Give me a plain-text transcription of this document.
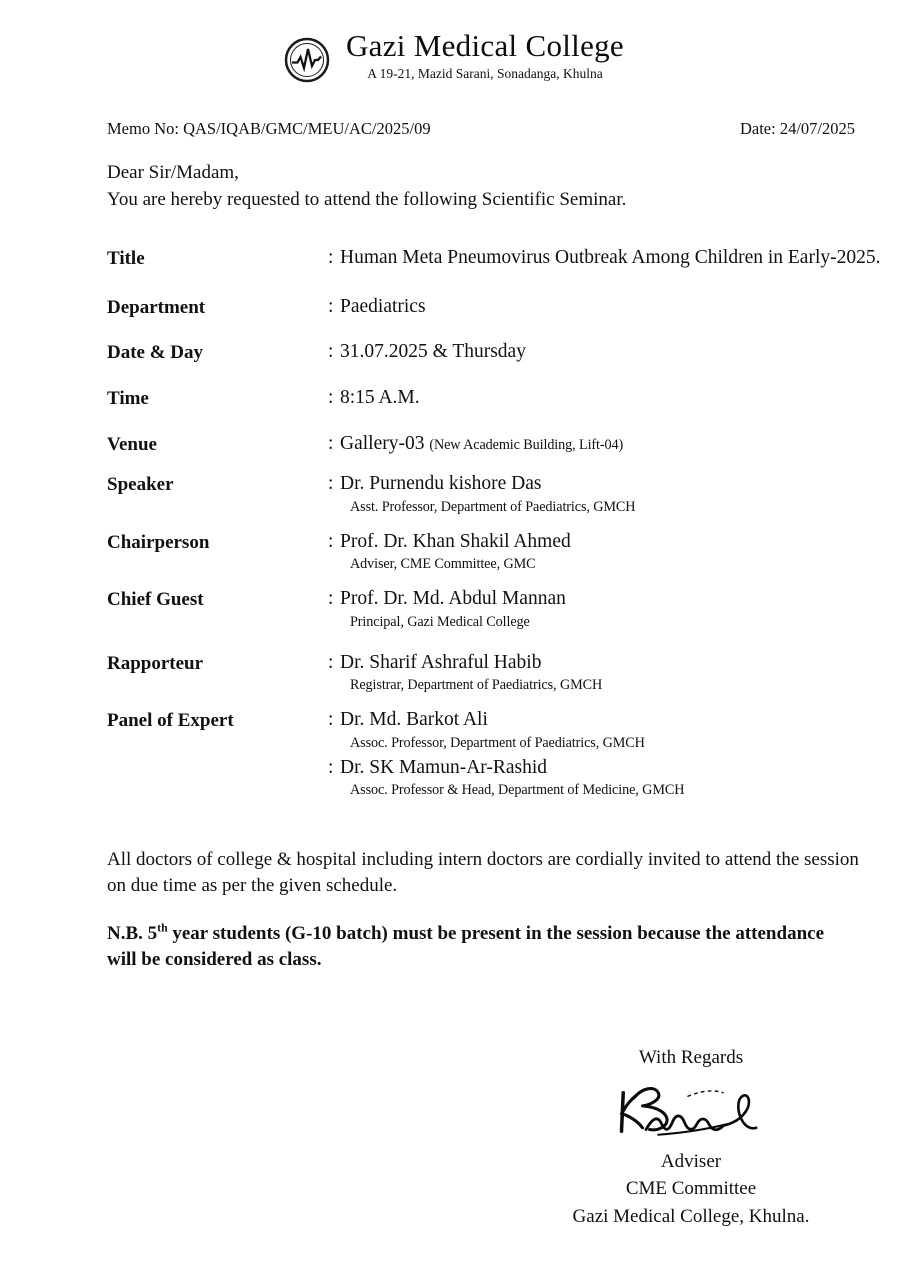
Gazi Medical College
A 19-21, Mazid Sarani, Sonadanga, Khulna
Memo No: QAS/IQAB/GMC/MEU/AC/2025/09	Date: 24/07/2025
Dear Sir/Madam,
You are hereby requested to attend the following Scientific Seminar.
Title	: Human Meta Pneumovirus Outbreak Among Children in Early-2025.
Department	: Paediatrics
Date & Day	: 31.07.2025 & Thursday
Time	: 8:15 A.M.
Venue	: Gallery-03 (New Academic Building, Lift-04)
Speaker	: Dr. Purnendu kishore Das
Asst. Professor, Department of Paediatrics, GMCH
Chairperson	: Prof. Dr. Khan Shakil Ahmed
Adviser, CME Committee, GMC
Chief Guest	: Prof. Dr. Md. Abdul Mannan
Principal, Gazi Medical College
Rapporteur	: Dr. Sharif Ashraful Habib
Registrar, Department of Paediatrics, GMCH
Panel of Expert	: Dr. Md. Barkot Ali
Assoc. Professor, Department of Paediatrics, GMCH
: Dr. SK Mamun-Ar-Rashid
Assoc. Professor & Head, Department of Medicine, GMCH
All doctors of college & hospital including intern doctors are cordially invited to attend the session on due time as per the given schedule.
N.B. 5th year students (G-10 batch) must be present in the session because the attendance will be considered as class.
With Regards
Adviser
CME Committee
Gazi Medical College, Khulna.
